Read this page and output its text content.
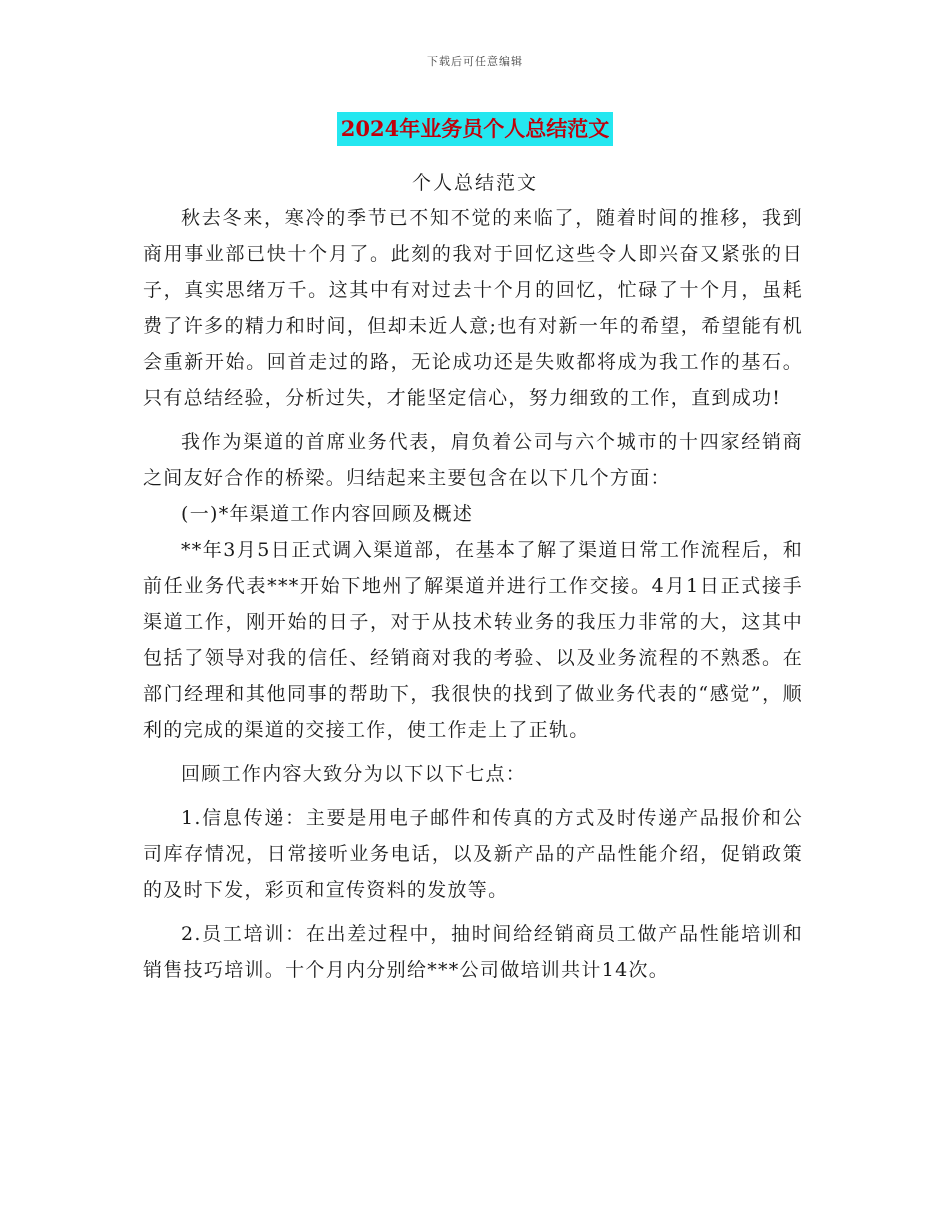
下载后可任意编辑
2024年业务员个人总结范文
个人总结范文

秋去冬来，寒冷的季节已不知不觉的来临了，随着时间的推移，我到商用事业部已快十个月了。此刻的我对于回忆这些令人即兴奋又紧张的日子，真实思绪万千。这其中有对过去十个月的回忆，忙碌了十个月，虽耗费了许多的精力和时间，但却未近人意;也有对新一年的希望，希望能有机会重新开始。回首走过的路，无论成功还是失败都将成为我工作的基石。只有总结经验，分析过失，才能坚定信心，努力细致的工作，直到成功!

我作为渠道的首席业务代表，肩负着公司与六个城市的十四家经销商之间友好合作的桥梁。归结起来主要包含在以下几个方面：

(一)*年渠道工作内容回顾及概述

**年3月5日正式调入渠道部，在基本了解了渠道日常工作流程后，和前任业务代表***开始下地州了解渠道并进行工作交接。4月1日正式接手渠道工作，刚开始的日子，对于从技术转业务的我压力非常的大，这其中包括了领导对我的信任、经销商对我的考验、以及业务流程的不熟悉。在部门经理和其他同事的帮助下，我很快的找到了做业务代表的“感觉”，顺利的完成的渠道的交接工作，使工作走上了正轨。

回顾工作内容大致分为以下以下七点：

1.信息传递：主要是用电子邮件和传真的方式及时传递产品报价和公司库存情况，日常接听业务电话，以及新产品的产品性能介绍，促销政策的及时下发，彩页和宣传资料的发放等。

2.员工培训：在出差过程中，抽时间给经销商员工做产品性能培训和销售技巧培训。十个月内分别给***公司做培训共计14次。
